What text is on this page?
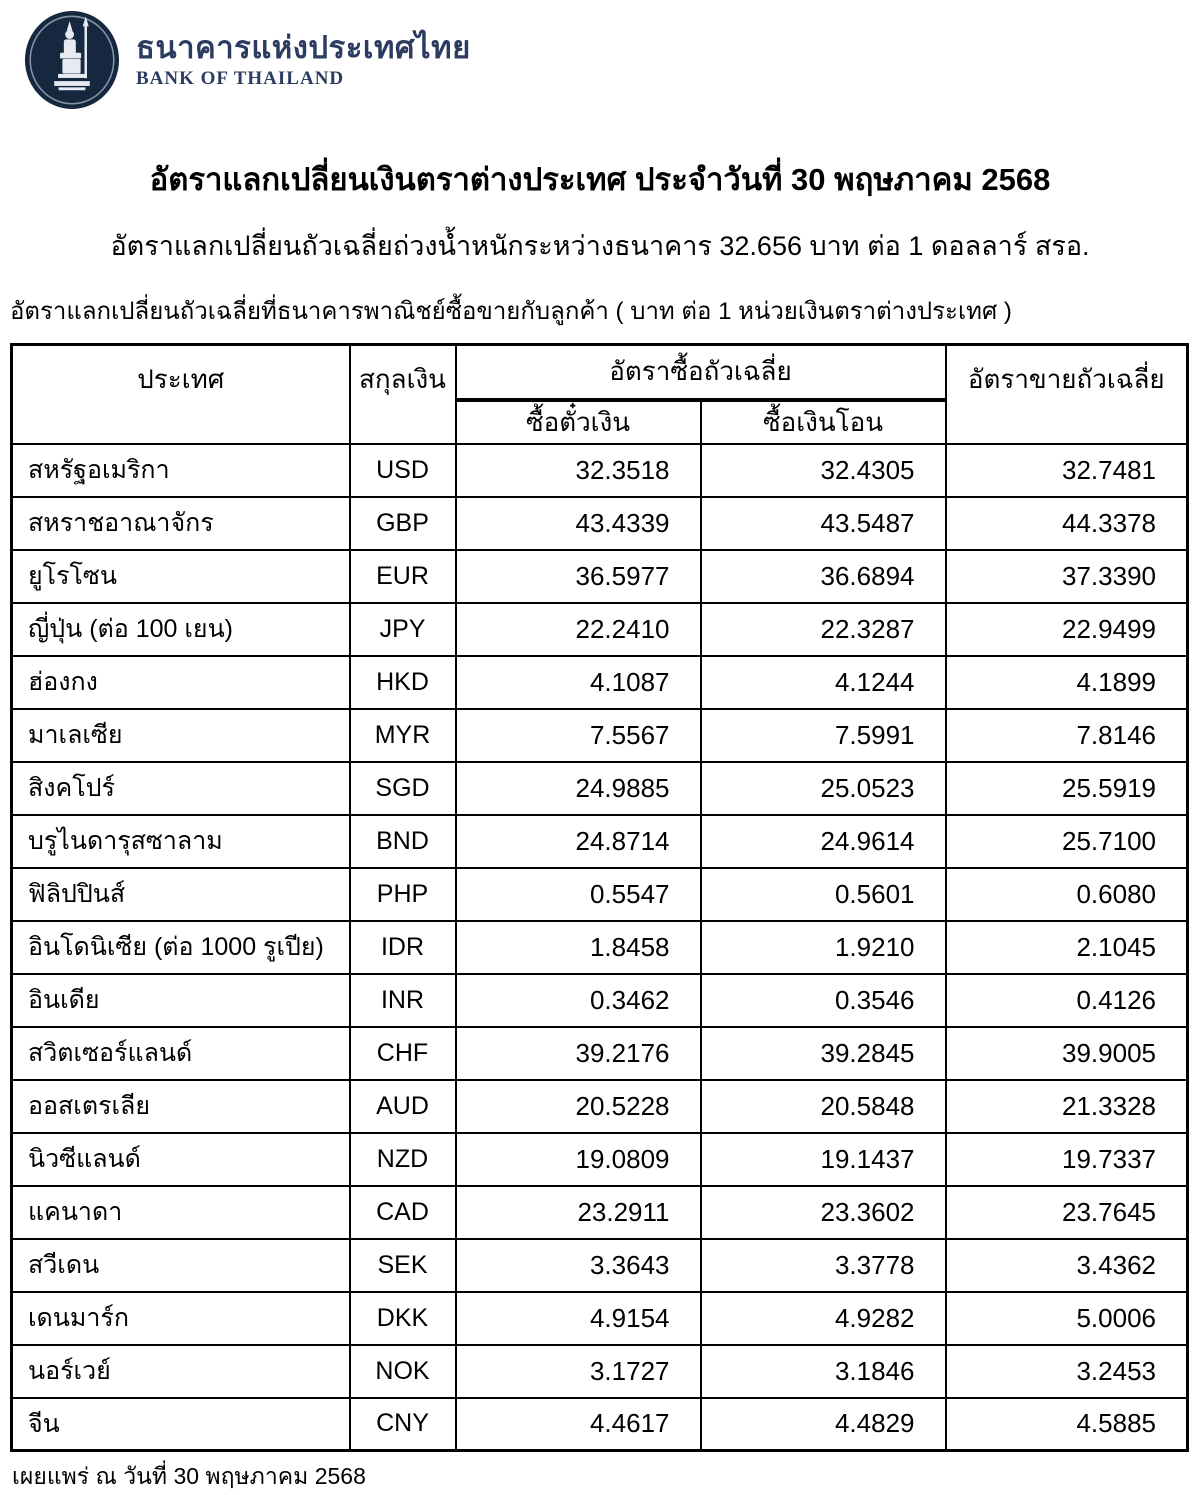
ธนาคารแห่งประเทศไทย
BANK OF THAILAND
อัตราแลกเปลี่ยนเงินตราต่างประเทศ ประจำวันที่ 30 พฤษภาคม 2568
อัตราแลกเปลี่ยนถัวเฉลี่ยถ่วงน้ำหนักระหว่างธนาคาร 32.656 บาท ต่อ 1 ดอลลาร์ สรอ.
อัตราแลกเปลี่ยนถัวเฉลี่ยที่ธนาคารพาณิชย์ซื้อขายกับลูกค้า ( บาท ต่อ 1 หน่วยเงินตราต่างประเทศ )
ประเทศ	สกุลเงิน	อัตราซื้อถัวเฉลี่ย		อัตราขายถัวเฉลี่ย
		ซื้อตั๋วเงิน	ซื้อเงินโอน	
สหรัฐอเมริกา	USD	32.3518	32.4305	32.7481
สหราชอาณาจักร	GBP	43.4339	43.5487	44.3378
ยูโรโซน	EUR	36.5977	36.6894	37.3390
ญี่ปุ่น (ต่อ 100 เยน)	JPY	22.2410	22.3287	22.9499
ฮ่องกง	HKD	4.1087	4.1244	4.1899
มาเลเซีย	MYR	7.5567	7.5991	7.8146
สิงคโปร์	SGD	24.9885	25.0523	25.5919
บรูไนดารุสซาลาม	BND	24.8714	24.9614	25.7100
ฟิลิปปินส์	PHP	0.5547	0.5601	0.6080
อินโดนิเซีย (ต่อ 1000 รูเปีย)	IDR	1.8458	1.9210	2.1045
อินเดีย	INR	0.3462	0.3546	0.4126
สวิตเซอร์แลนด์	CHF	39.2176	39.2845	39.9005
ออสเตรเลีย	AUD	20.5228	20.5848	21.3328
นิวซีแลนด์	NZD	19.0809	19.1437	19.7337
แคนาดา	CAD	23.2911	23.3602	23.7645
สวีเดน	SEK	3.3643	3.3778	3.4362
เดนมาร์ก	DKK	4.9154	4.9282	5.0006
นอร์เวย์	NOK	3.1727	3.1846	3.2453
จีน	CNY	4.4617	4.4829	4.5885
เผยแพร่ ณ วันที่ 30 พฤษภาคม 2568
